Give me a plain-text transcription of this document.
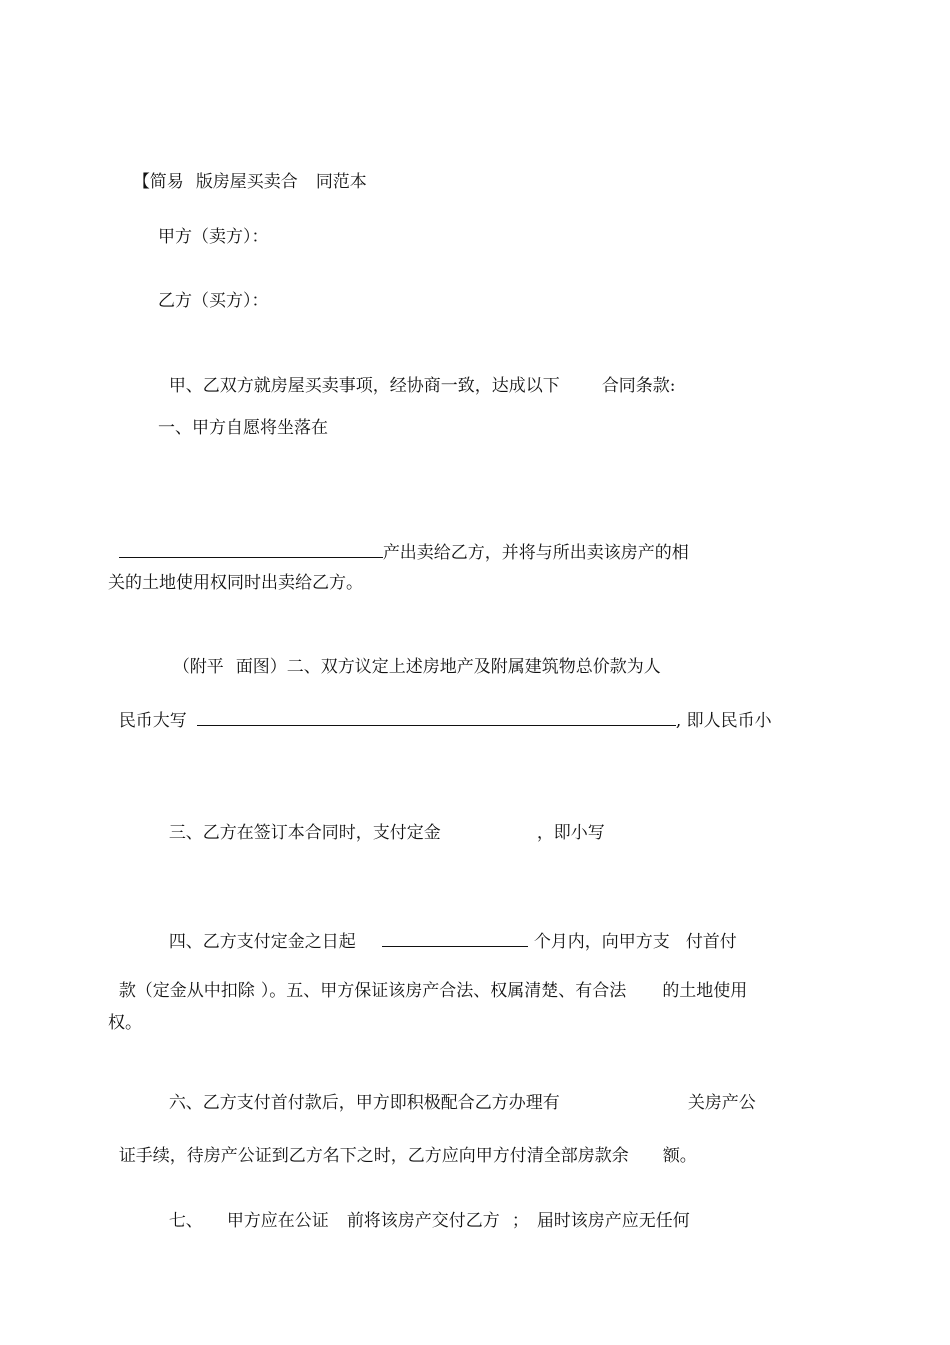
【简易 版房屋买卖合 同范本

甲方（卖方）：
乙方（买方）：

甲、乙双方就房屋买卖事项，经协商一致，达成以下 合同条款:

一、甲方自愿将坐落在

产出卖给乙方，并将与所出卖该房产的相

关的土地使用权同时出卖给乙方。

（附平 面图）二、双方议定上述房地产及附属建筑物总价款为人

民币大写	, 即人民币小

三、乙方在签订本合同时，支付定金	，即小写

四、乙方支付定金之日起	个月内，向甲方支 付首付

款（定金从中扣除 ）。五、甲方保证该房产合法、权属清楚、有合法 的土地使用

权。

六、乙方支付首付款后，甲方即积极配合乙方办理有	关房产公

证手续，待房产公证到乙方名下之时，乙方应向甲方付清全部房款余 额。

七、 甲方应在公证 前将该房产交付乙方 ； 届时该房产应无任何
